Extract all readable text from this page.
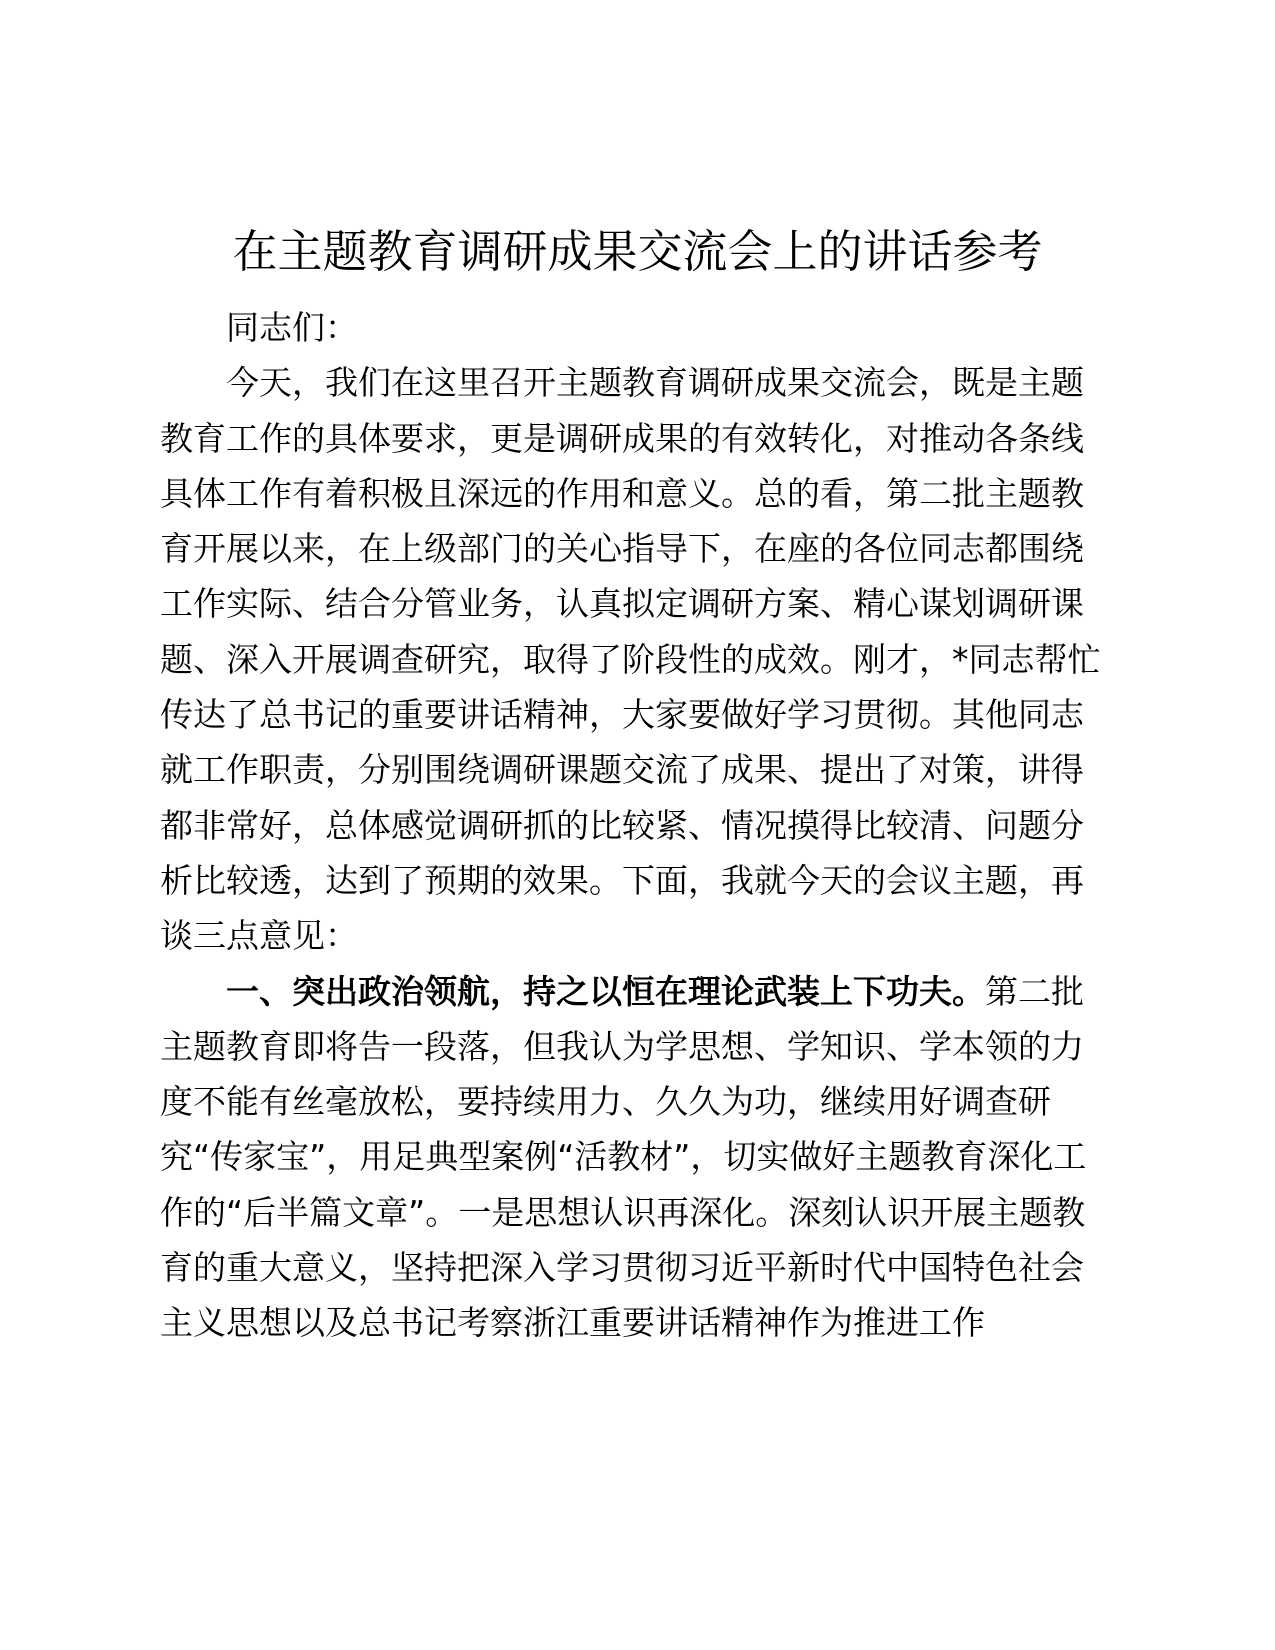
在主题教育调研成果交流会上的讲话参考

同志们：

今天，我们在这里召开主题教育调研成果交流会，既是主题
教育工作的具体要求，更是调研成果的有效转化，对推动各条线
具体工作有着积极且深远的作用和意义。总的看，第二批主题教
育开展以来，在上级部门的关心指导下，在座的各位同志都围绕
工作实际、结合分管业务，认真拟定调研方案、精心谋划调研课
题、深入开展调查研究，取得了阶段性的成效。刚才，*同志帮忙
传达了总书记的重要讲话精神，大家要做好学习贯彻。其他同志
就工作职责，分别围绕调研课题交流了成果、提出了对策，讲得
都非常好，总体感觉调研抓的比较紧、情况摸得比较清、问题分
析比较透，达到了预期的效果。下面，我就今天的会议主题，再
谈三点意见：

一、突出政治领航，持之以恒在理论武装上下功夫。第二批
主题教育即将告一段落，但我认为学思想、学知识、学本领的力
度不能有丝毫放松，要持续用力、久久为功，继续用好调查研
究“传家宝”，用足典型案例“活教材”，切实做好主题教育深化工
作的“后半篇文章”。一是思想认识再深化。深刻认识开展主题教
育的重大意义，坚持把深入学习贯彻习近平新时代中国特色社会
主义思想以及总书记考察浙江重要讲话精神作为推进工作
